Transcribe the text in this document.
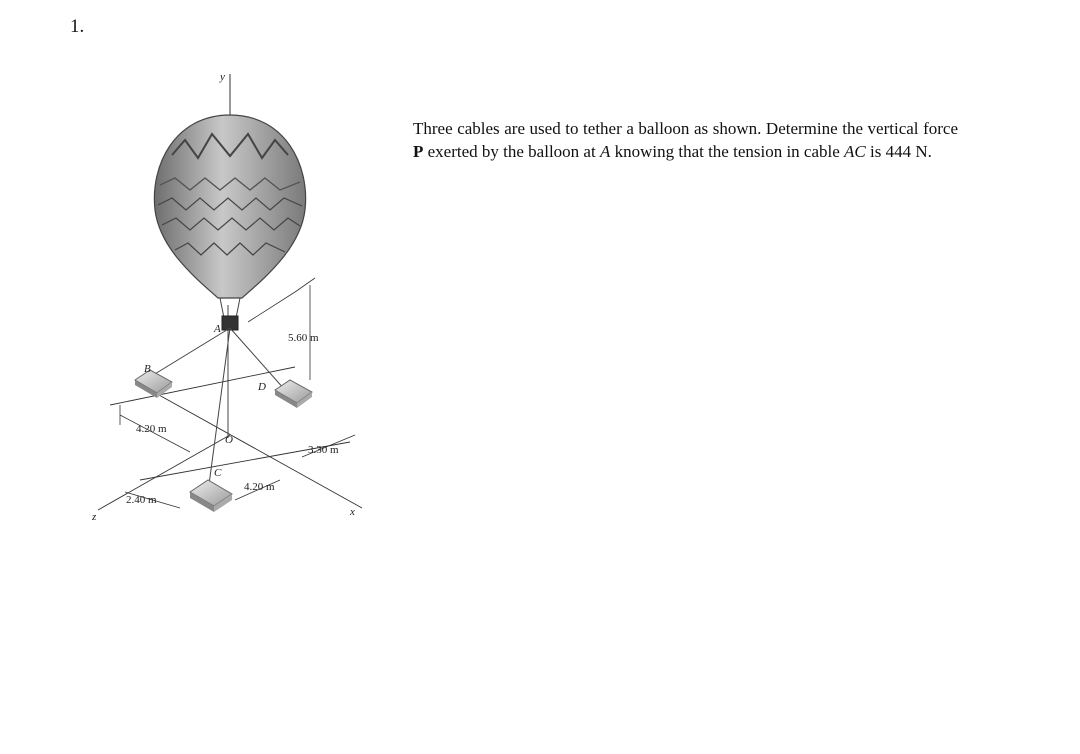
1.
y
A
B
D
O
C
x
z
5.60 m
4.20 m
3.30 m
4.20 m
2.40 m
Three cables are used to tether a balloon as shown. Determine the vertical force P exerted by the balloon at A knowing that the tension in cable AC is 444 N.
